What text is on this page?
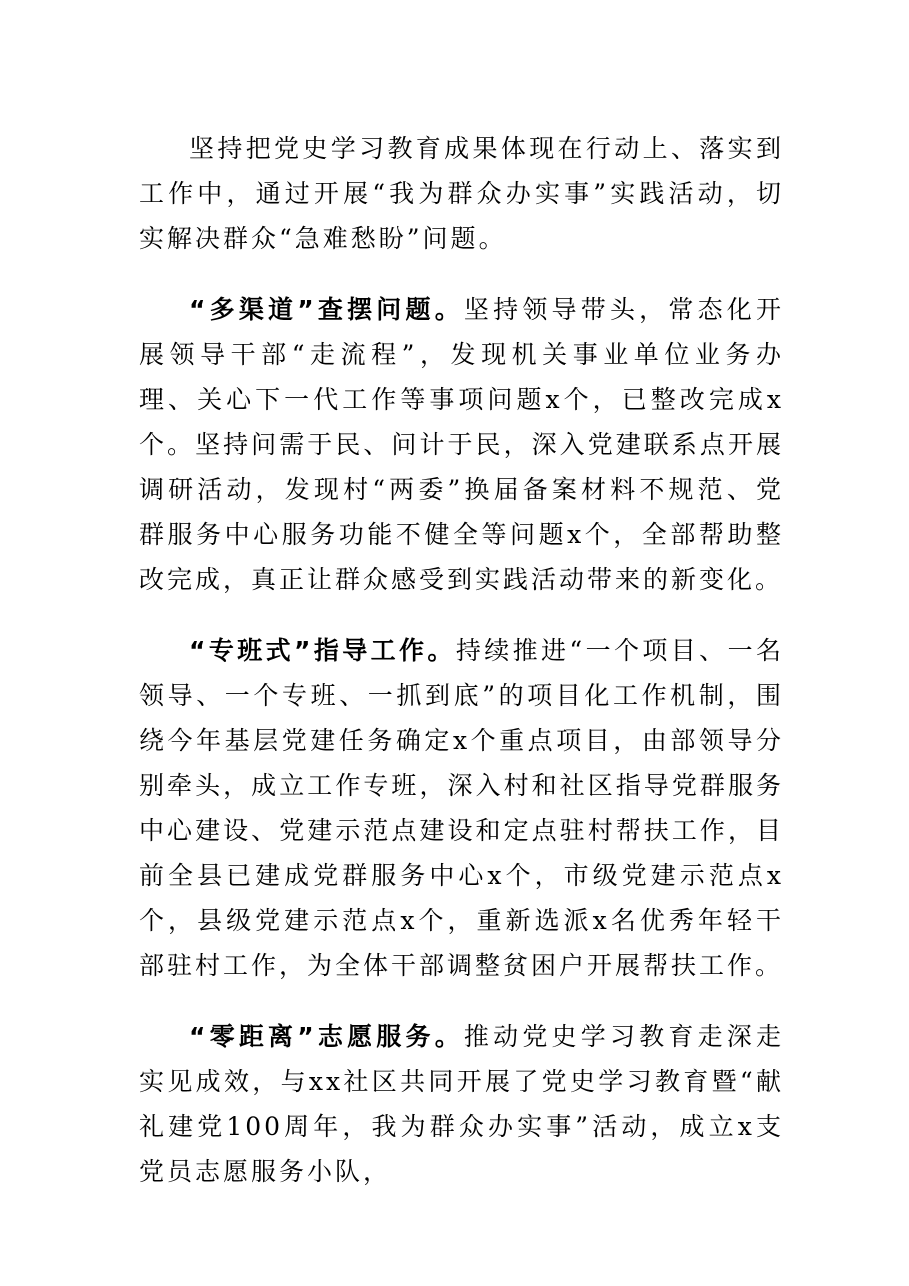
坚持把党史学习教育成果体现在行动上、落实到工作中，通过开展“我为群众办实事”实践活动，切实解决群众“急难愁盼”问题。

“多渠道”查摆问题。坚持领导带头，常态化开展领导干部“走流程”，发现机关事业单位业务办理、关心下一代工作等事项问题x个，已整改完成x个。坚持问需于民、问计于民，深入党建联系点开展调研活动，发现村“两委”换届备案材料不规范、党群服务中心服务功能不健全等问题x个，全部帮助整改完成，真正让群众感受到实践活动带来的新变化。

“专班式”指导工作。持续推进“一个项目、一名领导、一个专班、一抓到底”的项目化工作机制，围绕今年基层党建任务确定x个重点项目，由部领导分别牵头，成立工作专班，深入村和社区指导党群服务中心建设、党建示范点建设和定点驻村帮扶工作，目前全县已建成党群服务中心x个，市级党建示范点x个，县级党建示范点x个，重新选派x名优秀年轻干部驻村工作，为全体干部调整贫困户开展帮扶工作。

“零距离”志愿服务。推动党史学习教育走深走实见成效，与xx社区共同开展了党史学习教育暨“献礼建党100周年，我为群众办实事”活动，成立x支党员志愿服务小队，
